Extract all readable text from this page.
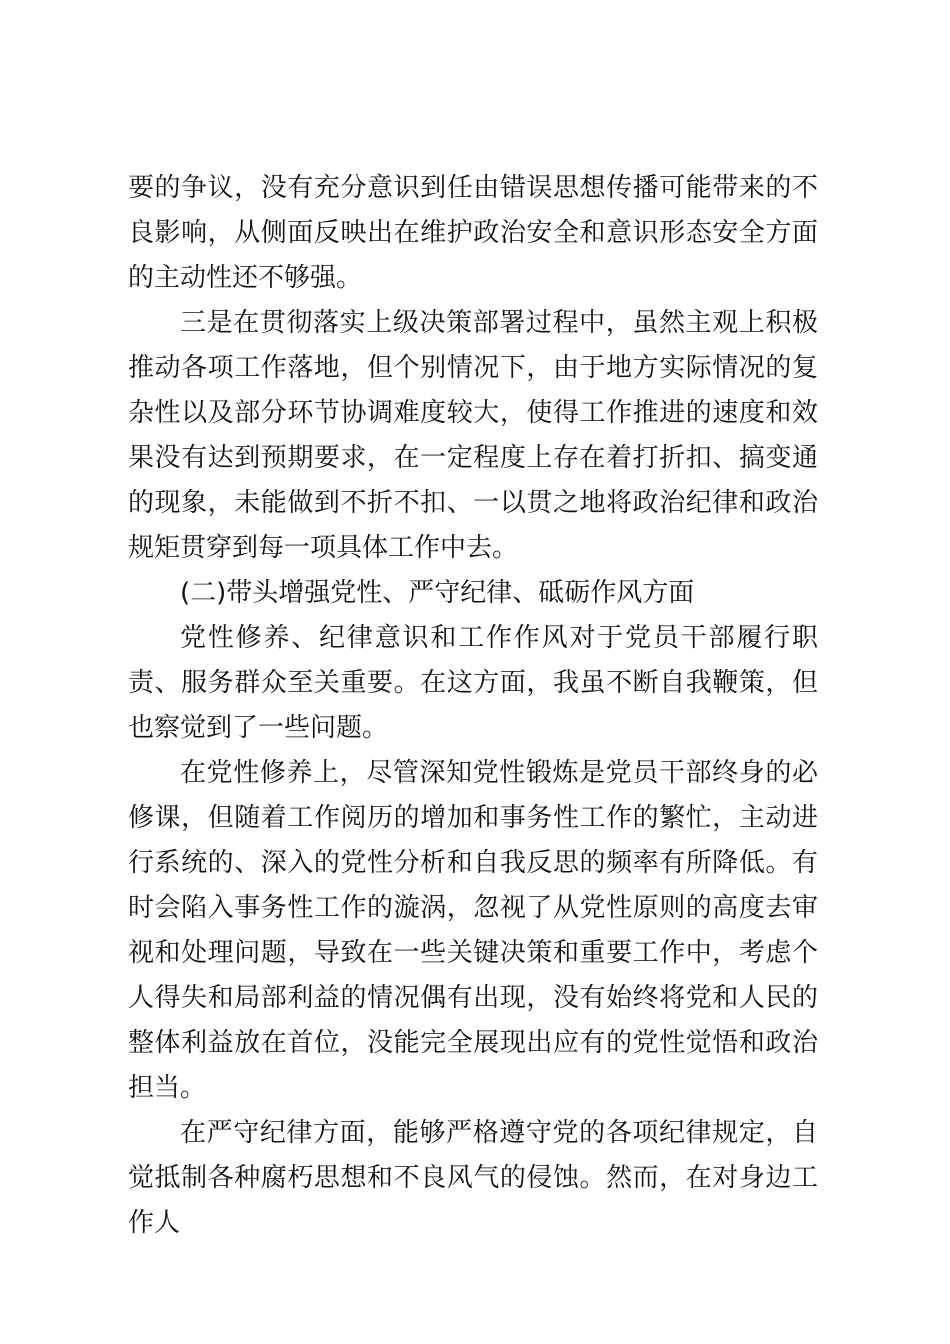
要的争议，没有充分意识到任由错误思想传播可能带来的不良影响，从侧面反映出在维护政治安全和意识形态安全方面的主动性还不够强。

三是在贯彻落实上级决策部署过程中，虽然主观上积极推动各项工作落地，但个别情况下，由于地方实际情况的复杂性以及部分环节协调难度较大，使得工作推进的速度和效果没有达到预期要求，在一定程度上存在着打折扣、搞变通的现象，未能做到不折不扣、一以贯之地将政治纪律和政治规矩贯穿到每一项具体工作中去。

(二)带头增强党性、严守纪律、砥砺作风方面

党性修养、纪律意识和工作作风对于党员干部履行职责、服务群众至关重要。在这方面，我虽不断自我鞭策，但也察觉到了一些问题。

在党性修养上，尽管深知党性锻炼是党员干部终身的必修课，但随着工作阅历的增加和事务性工作的繁忙，主动进行系统的、深入的党性分析和自我反思的频率有所降低。有时会陷入事务性工作的漩涡，忽视了从党性原则的高度去审视和处理问题，导致在一些关键决策和重要工作中，考虑个人得失和局部利益的情况偶有出现，没有始终将党和人民的整体利益放在首位，没能完全展现出应有的党性觉悟和政治担当。

在严守纪律方面，能够严格遵守党的各项纪律规定，自觉抵制各种腐朽思想和不良风气的侵蚀。然而，在对身边工作人
